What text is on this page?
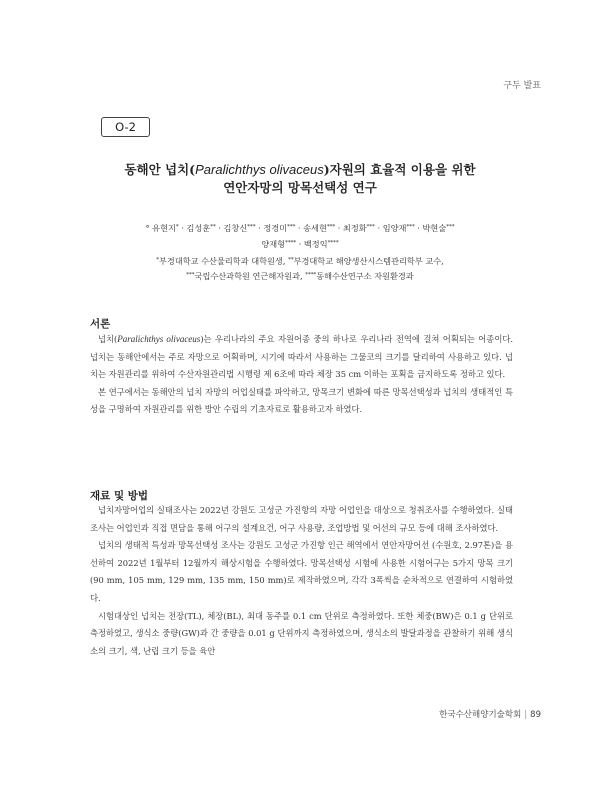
구두 발표
O-2
동해안 넙치(Paralichthys olivaceus)자원의 효율적 이용을 위한
연안자망의 망목선택성 연구
° 유현지* · 김성훈** · 김창신*** · 정경미*** · 송세현*** · 최정화*** · 임양재*** · 박현술***
양재형**** · 백정익****
*부경대학교 수산물리학과 대학원생, **부경대학교 해양생산시스템관리학부 교수,
***국립수산과학원 연근해자원과, ****동해수산연구소 자원환경과
서론

넙치(Paralichthys olivaceus)는 우리나라의 주요 자원어종 중의 하나로 우리나라 전역에 걸쳐 어획되는 어종이다. 넙치는 동해안에서는 주로 자망으로 어획하며, 시기에 따라서 사용하는 그물코의 크기를 달리하여 사용하고 있다. 넙치는 자원관리를 위하여 수산자원관리법 시행령 제 6조에 따라 체장 35 cm 이하는 포획을 금지하도록 정하고 있다.

본 연구에서는 동해안의 넙치 자망의 어업실태를 파악하고, 망목크기 변화에 따른 망목선택성과 넙치의 생태적인 특성을 구명하여 자원관리를 위한 방안 수립의 기초자료로 활용하고자 하였다.

재료 및 방법

넙치자망어업의 실태조사는 2022년 강원도 고성군 가진항의 자망 어업인을 대상으로 청취조사를 수행하였다. 실태조사는 어업인과 직접 면담을 통해 어구의 설계요건, 어구 사용량, 조업방법 및 어선의 규모 등에 대해 조사하였다.

넙치의 생태적 특성과 망목선택성 조사는 강원도 고성군 가진항 인근 해역에서 연안자망어선 (수원호, 2.97톤)을 용선하여 2022년 1월부터 12월까지 해상시험을 수행하였다. 망목선택성 시험에 사용한 시험어구는 5가지 망목 크기(90 mm, 105 mm, 129 mm, 135 mm, 150 mm)로 제작하였으며, 각각 3폭씩을 순차적으로 연결하여 시험하였다.

시험대상인 넙치는 전장(TL), 체장(BL), 최대 동주를 0.1 cm 단위로 측정하였다. 또한 체중(BW)은 0.1 g 단위로 측정하였고, 생식소 중량(GW)과 간 중량을 0.01 g 단위까지 측정하였으며, 생식소의 발달과정을 관찰하기 위해 생식소의 크기, 색, 난립 크기 등을 육안

한국수산해양기술학회 | 89
